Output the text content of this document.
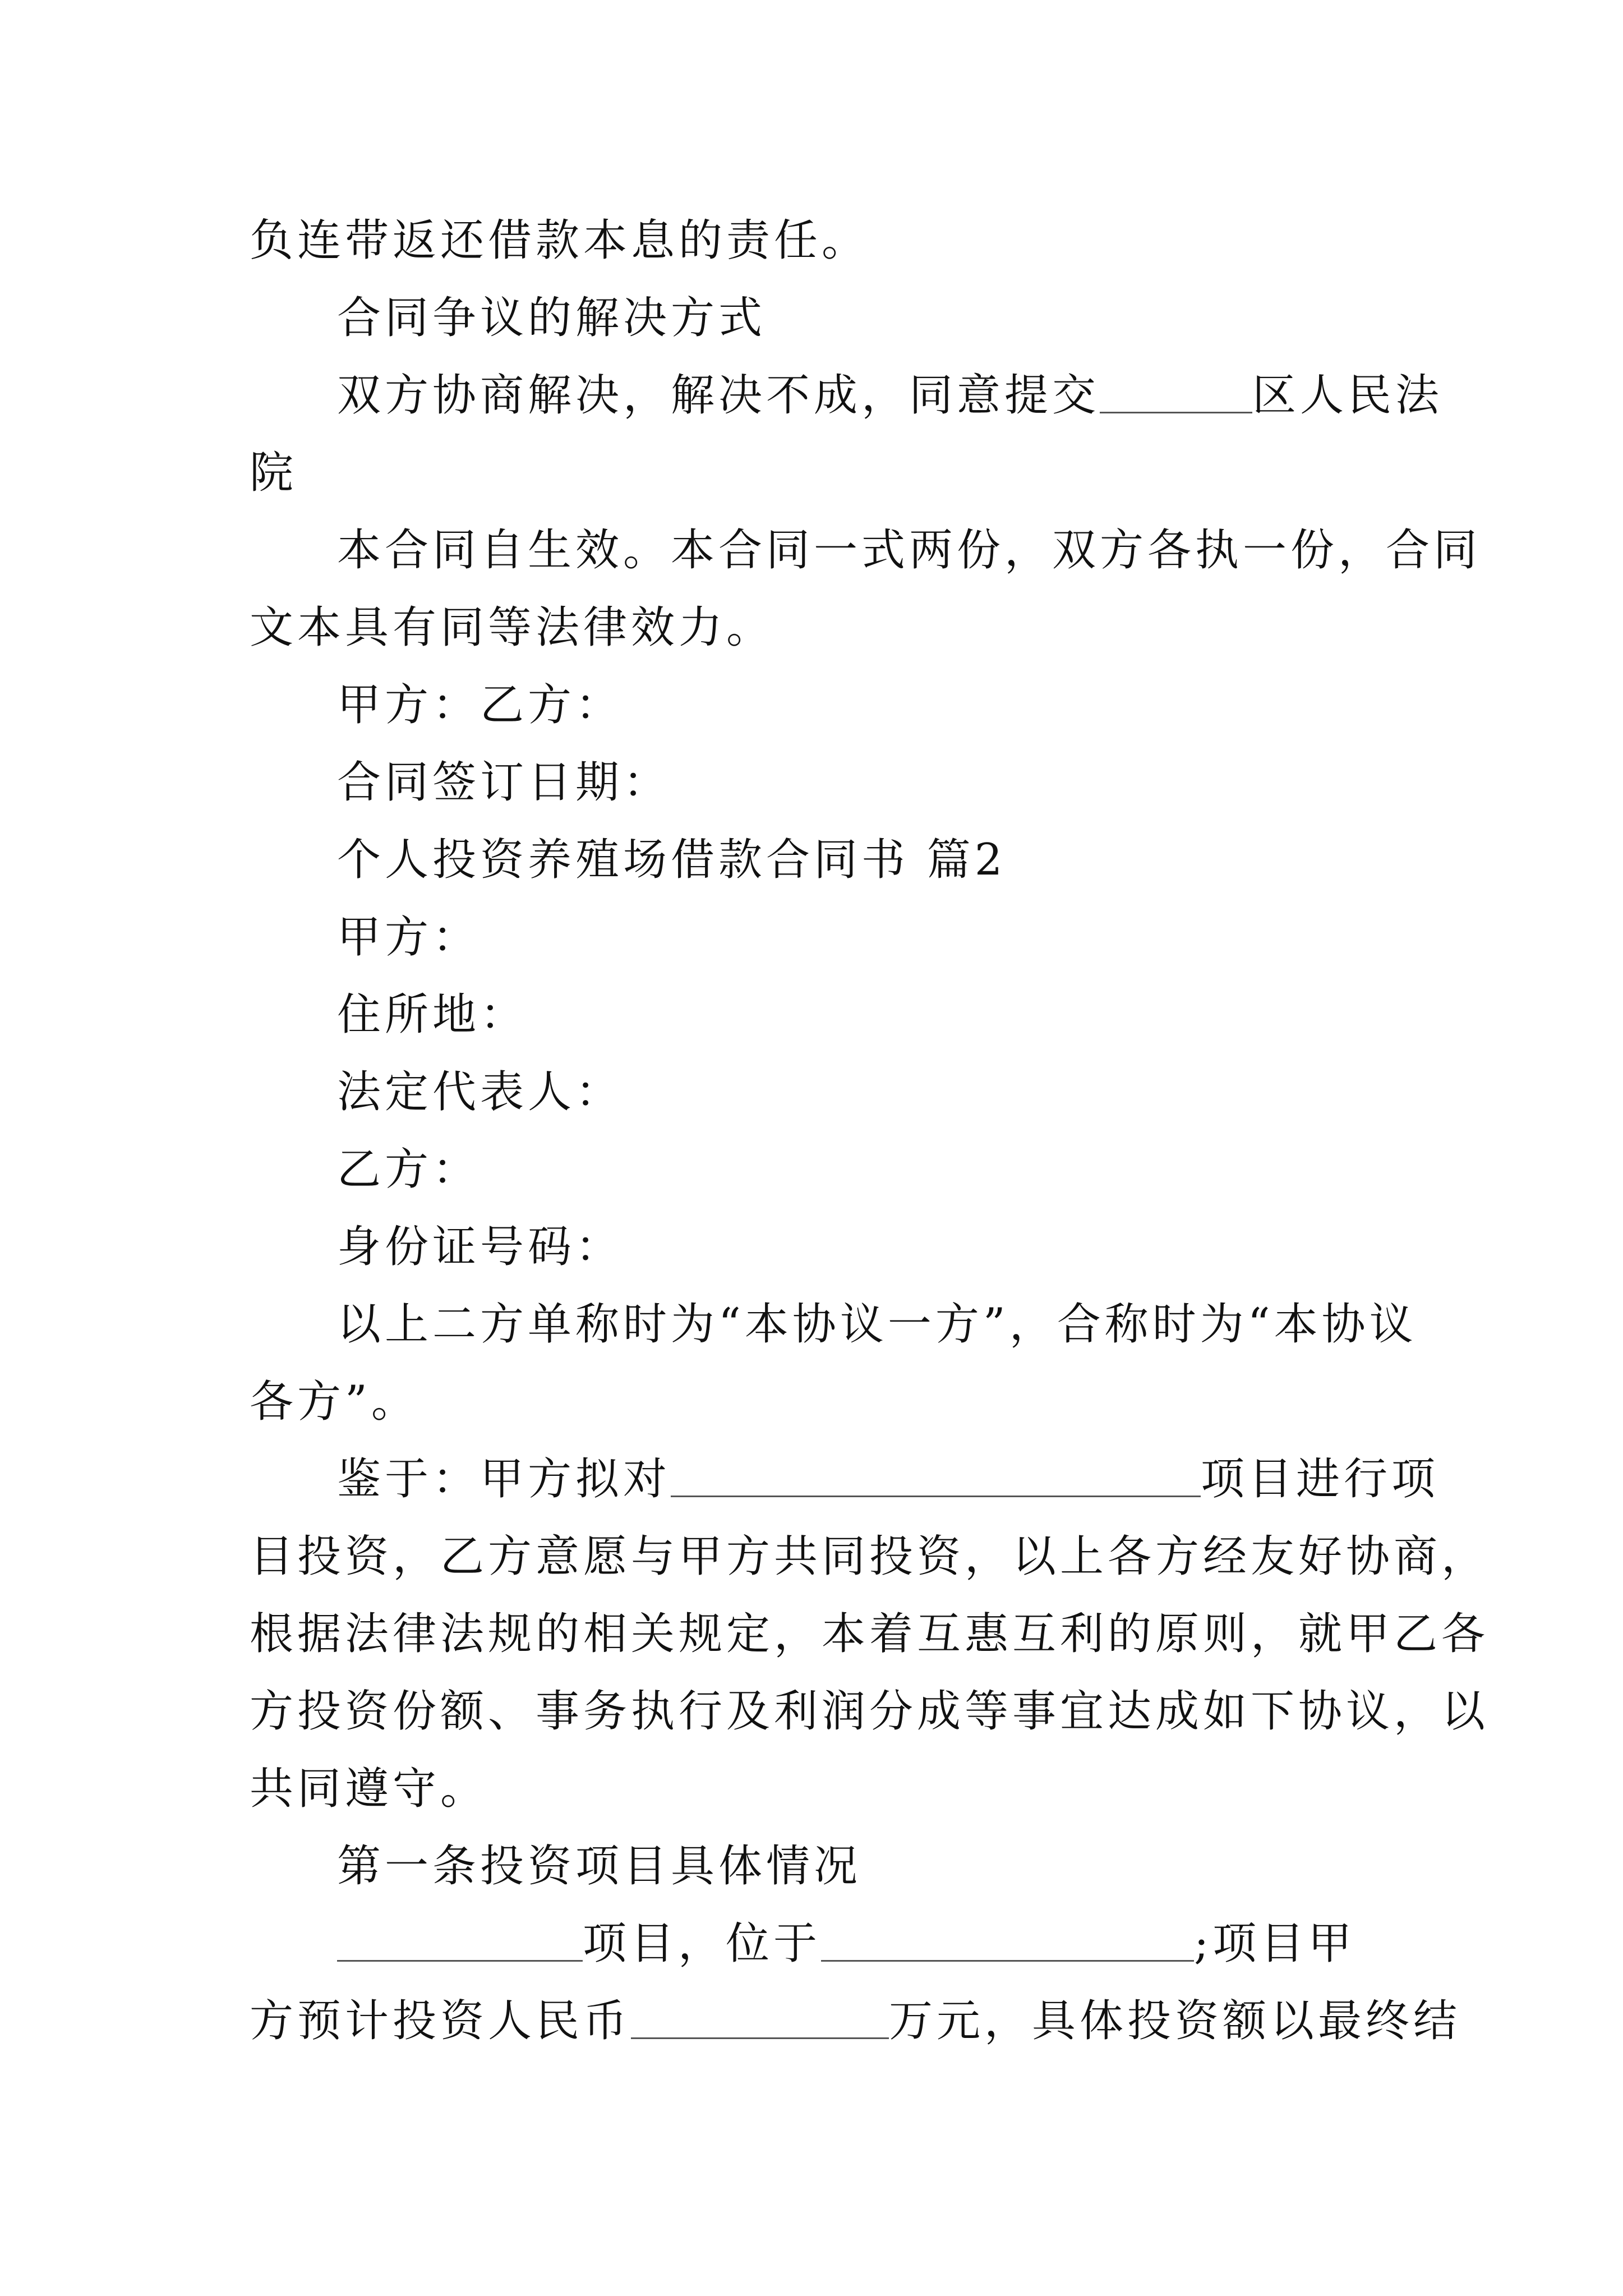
负连带返还借款本息的责任。
合同争议的解决方式
双方协商解决，解决不成，同意提交	区人民法
院
本合同自生效。本合同一式两份，双方各执一份，合同
文本具有同等法律效力。
甲方：乙方：
合同签订日期：
个人投资养殖场借款合同书 篇2
甲方：
住所地：
法定代表人：
乙方：
身份证号码：
以上二方单称时为“本协议一方”，合称时为“本协议
各方”。
鉴于：甲方拟对	项目进行项
目投资，乙方意愿与甲方共同投资，以上各方经友好协商，
根据法律法规的相关规定，本着互惠互利的原则，就甲乙各
方投资份额、事务执行及利润分成等事宜达成如下协议，以
共同遵守。
第一条投资项目具体情况
项目，位于	;项目甲
方预计投资人民币	万元，具体投资额以最终结
